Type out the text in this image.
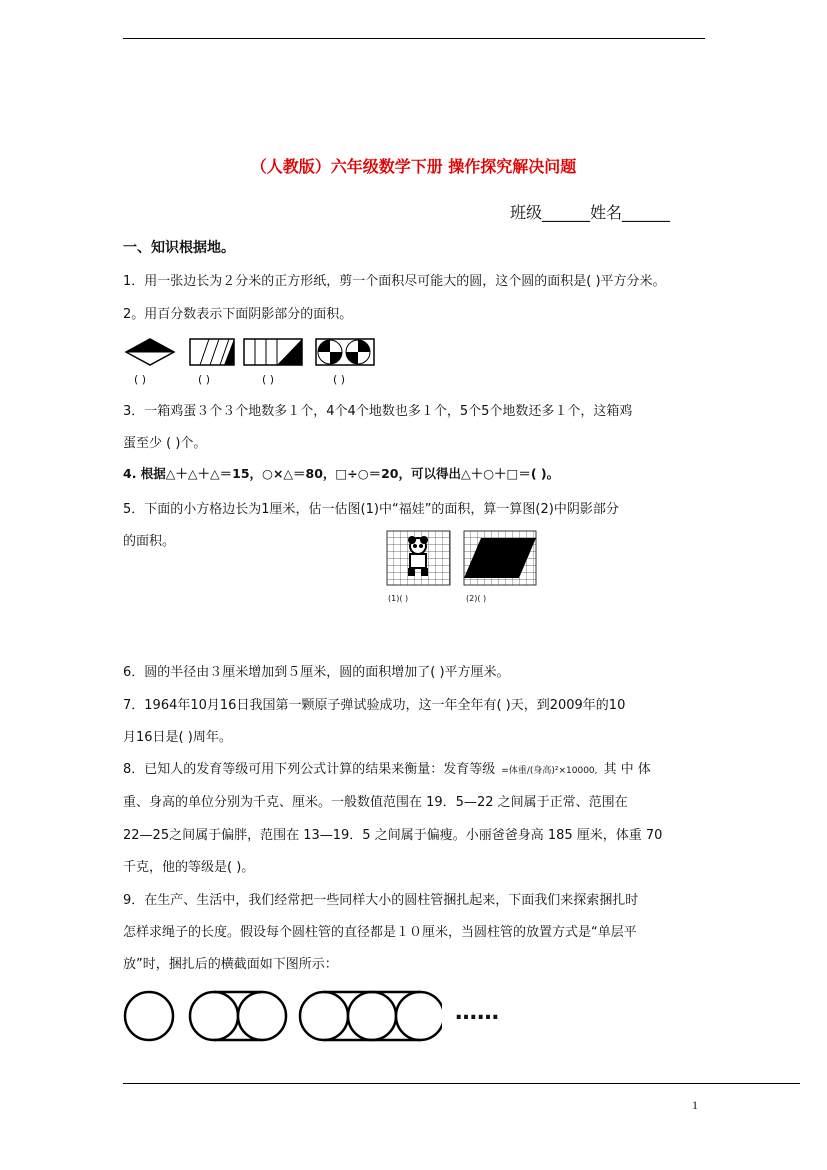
（人教版）六年级数学下册 操作探究解决问题
班级______姓名______
一、知识根据地。
1．用一张边长为２分米的正方形纸，剪一个面积尽可能大的圆，这个圆的面积是( )平方分米。
2。用百分数表示下面阴影部分的面积。
( )	( )	( )	( )
3．一箱鸡蛋３个３个地数多１个，4个4个地数也多１个，5个5个地数还多１个，这箱鸡
蛋至少 ( )个。
4. 根据△＋△＋△＝15，○×△＝80，□÷○＝20，可以得出△＋○＋□＝( )。
5．下面的小方格边长为1厘米，估一估图(1)中“福娃”的面积，算一算图(2)中阴影部分
的面积。
(1)( )	(2)( )
6．圆的半径由３厘米增加到５厘米，圆的面积增加了( )平方厘米。
7．1964年10月16日我国第一颗原子弹试验成功，这一年全年有( )天，到2009年的10
月16日是( )周年。
8．已知人的发育等级可用下列公式计算的结果来衡量：发育等级 =体重/(身高)²×10000, 其 中 体
重、身高的单位分别为千克、厘米。一般数值范围在 19．5—22 之间属于正常、范围在
22—25之间属于偏胖，范围在 13—19．5 之间属于偏瘦。小丽爸爸身高 185 厘米，体重 70
千克，他的等级是( )。
9．在生产、生活中，我们经常把一些同样大小的圆柱管捆扎起来，下面我们来探索捆扎时
怎样求绳子的长度。假设每个圆柱管的直径都是１０厘米，当圆柱管的放置方式是“单层平
放”时，捆扎后的横截面如下图所示：
……
1
